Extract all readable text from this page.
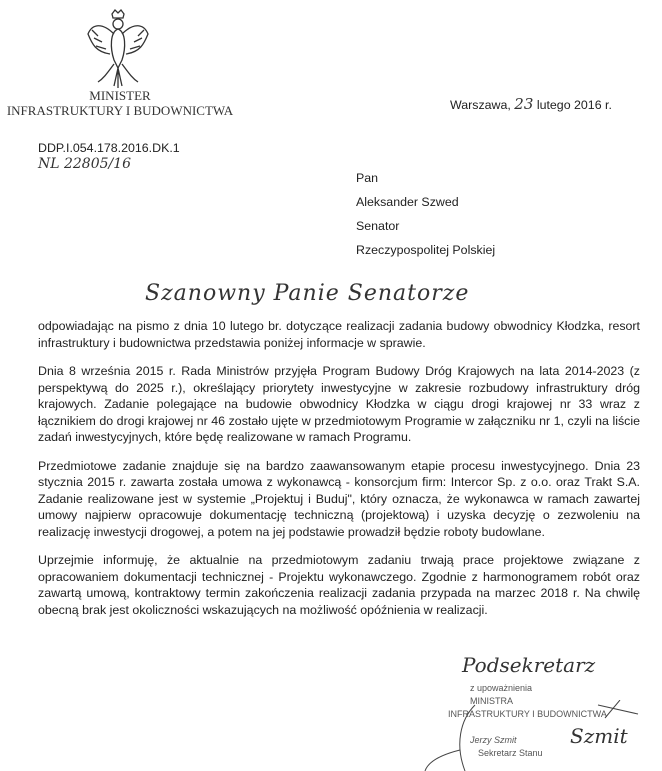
MINISTER
INFRASTRUKTURY I BUDOWNICTWA	Warszawa, 23 lutego 2016 r.
DDP.I.054.178.2016.DK.1
NL 22805/16
Pan
Aleksander Szwed
Senator
Rzeczypospolitej Polskiej
Szanowny Panie Senatorze

odpowiadając na pismo z dnia 10 lutego br. dotyczące realizacji zadania budowy obwodnicy Kłodzka, resort infrastruktury i budownictwa przedstawia poniżej informacje w sprawie.

Dnia 8 września 2015 r. Rada Ministrów przyjęła Program Budowy Dróg Krajowych na lata 2014-2023 (z perspektywą do 2025 r.), określający priorytety inwestycyjne w zakresie rozbudowy infrastruktury dróg krajowych. Zadanie polegające na budowie obwodnicy Kłodzka w ciągu drogi krajowej nr 33 wraz z łącznikiem do drogi krajowej nr 46 zostało ujęte w przedmiotowym Programie w załączniku nr 1, czyli na liście zadań inwestycyjnych, które będę realizowane w ramach Programu.

Przedmiotowe zadanie znajduje się na bardzo zaawansowanym etapie procesu inwestycyjnego. Dnia 23 stycznia 2015 r. zawarta została umowa z wykonawcą - konsorcjum firm: Intercor Sp. z o.o. oraz Trakt S.A. Zadanie realizowane jest w systemie „Projektuj i Buduj", który oznacza, że wykonawca w ramach zawartej umowy najpierw opracowuje dokumentację techniczną (projektową) i uzyska decyzję o zezwoleniu na realizację inwestycji drogowej, a potem na jej podstawie prowadził będzie roboty budowlane.

Uprzejmie informuję, że aktualnie na przedmiotowym zadaniu trwają prace projektowe związane z opracowaniem dokumentacji technicznej - Projektu wykonawczego. Zgodnie z harmonogramem robót oraz zawartą umową, kontraktowy termin zakończenia realizacji zadania przypada na marzec 2018 r. Na chwilę obecną brak jest okoliczności wskazujących na możliwość opóźnienia w realizacji.

Podsekretarz
z upoważnienia
MINISTRA
INFRASTRUKTURY I BUDOWNICTWA
Szmit
Jerzy Szmit
Sekretarz Stanu
